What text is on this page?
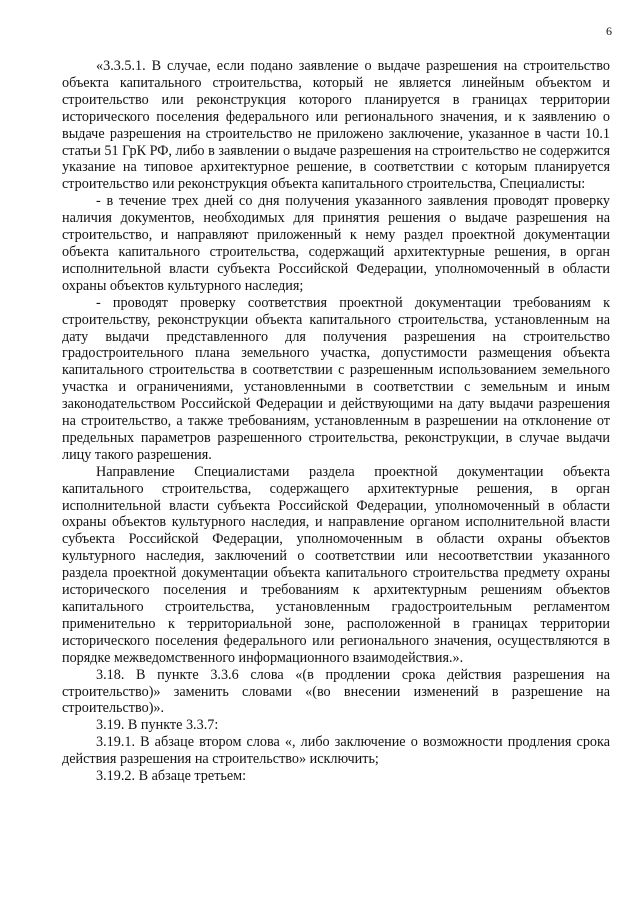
6

«3.3.5.1. В случае, если подано заявление о выдаче разрешения на строительство объекта капитального строительства, который не является линейным объектом и строительство или реконструкция которого планируется в границах территории исторического поселения федерального или регионального значения, и к заявлению о выдаче разрешения на строительство не приложено заключение, указанное в части 10.1 статьи 51 ГрК РФ, либо в заявлении о выдаче разрешения на строительство не содержится указание на типовое архитектурное решение, в соответствии с которым планируется строительство или реконструкция объекта капитального строительства, Специалисты:

- в течение трех дней со дня получения указанного заявления проводят проверку наличия документов, необходимых для принятия решения о выдаче разрешения на строительство, и направляют приложенный к нему раздел проектной документации объекта капитального строительства, содержащий архитектурные решения, в орган исполнительной власти субъекта Российской Федерации, уполномоченный в области охраны объектов культурного наследия;

- проводят проверку соответствия проектной документации требованиям к строительству, реконструкции объекта капитального строительства, установленным на дату выдачи представленного для получения разрешения на строительство градостроительного плана земельного участка, допустимости размещения объекта капитального строительства в соответствии с разрешенным использованием земельного участка и ограничениями, установленными в соответствии с земельным и иным законодательством Российской Федерации и действующими на дату выдачи разрешения на строительство, а также требованиям, установленным в разрешении на отклонение от предельных параметров разрешенного строительства, реконструкции, в случае выдачи лицу такого разрешения.

Направление Специалистами раздела проектной документации объекта капитального строительства, содержащего архитектурные решения, в орган исполнительной власти субъекта Российской Федерации, уполномоченный в области охраны объектов культурного наследия, и направление органом исполнительной власти субъекта Российской Федерации, уполномоченным в области охраны объектов культурного наследия, заключений о соответствии или несоответствии указанного раздела проектной документации объекта капитального строительства предмету охраны исторического поселения и требованиям к архитектурным решениям объектов капитального строительства, установленным градостроительным регламентом применительно к территориальной зоне, расположенной в границах территории исторического поселения федерального или регионального значения, осуществляются в порядке межведомственного информационного взаимодействия.».

3.18. В пункте 3.3.6 слова «(в продлении срока действия разрешения на строительство)» заменить словами «(во внесении изменений в разрешение на строительство)».

3.19. В пункте 3.3.7:

3.19.1. В абзаце втором слова «, либо заключение о возможности продления срока действия разрешения на строительство» исключить;

3.19.2. В абзаце третьем:
